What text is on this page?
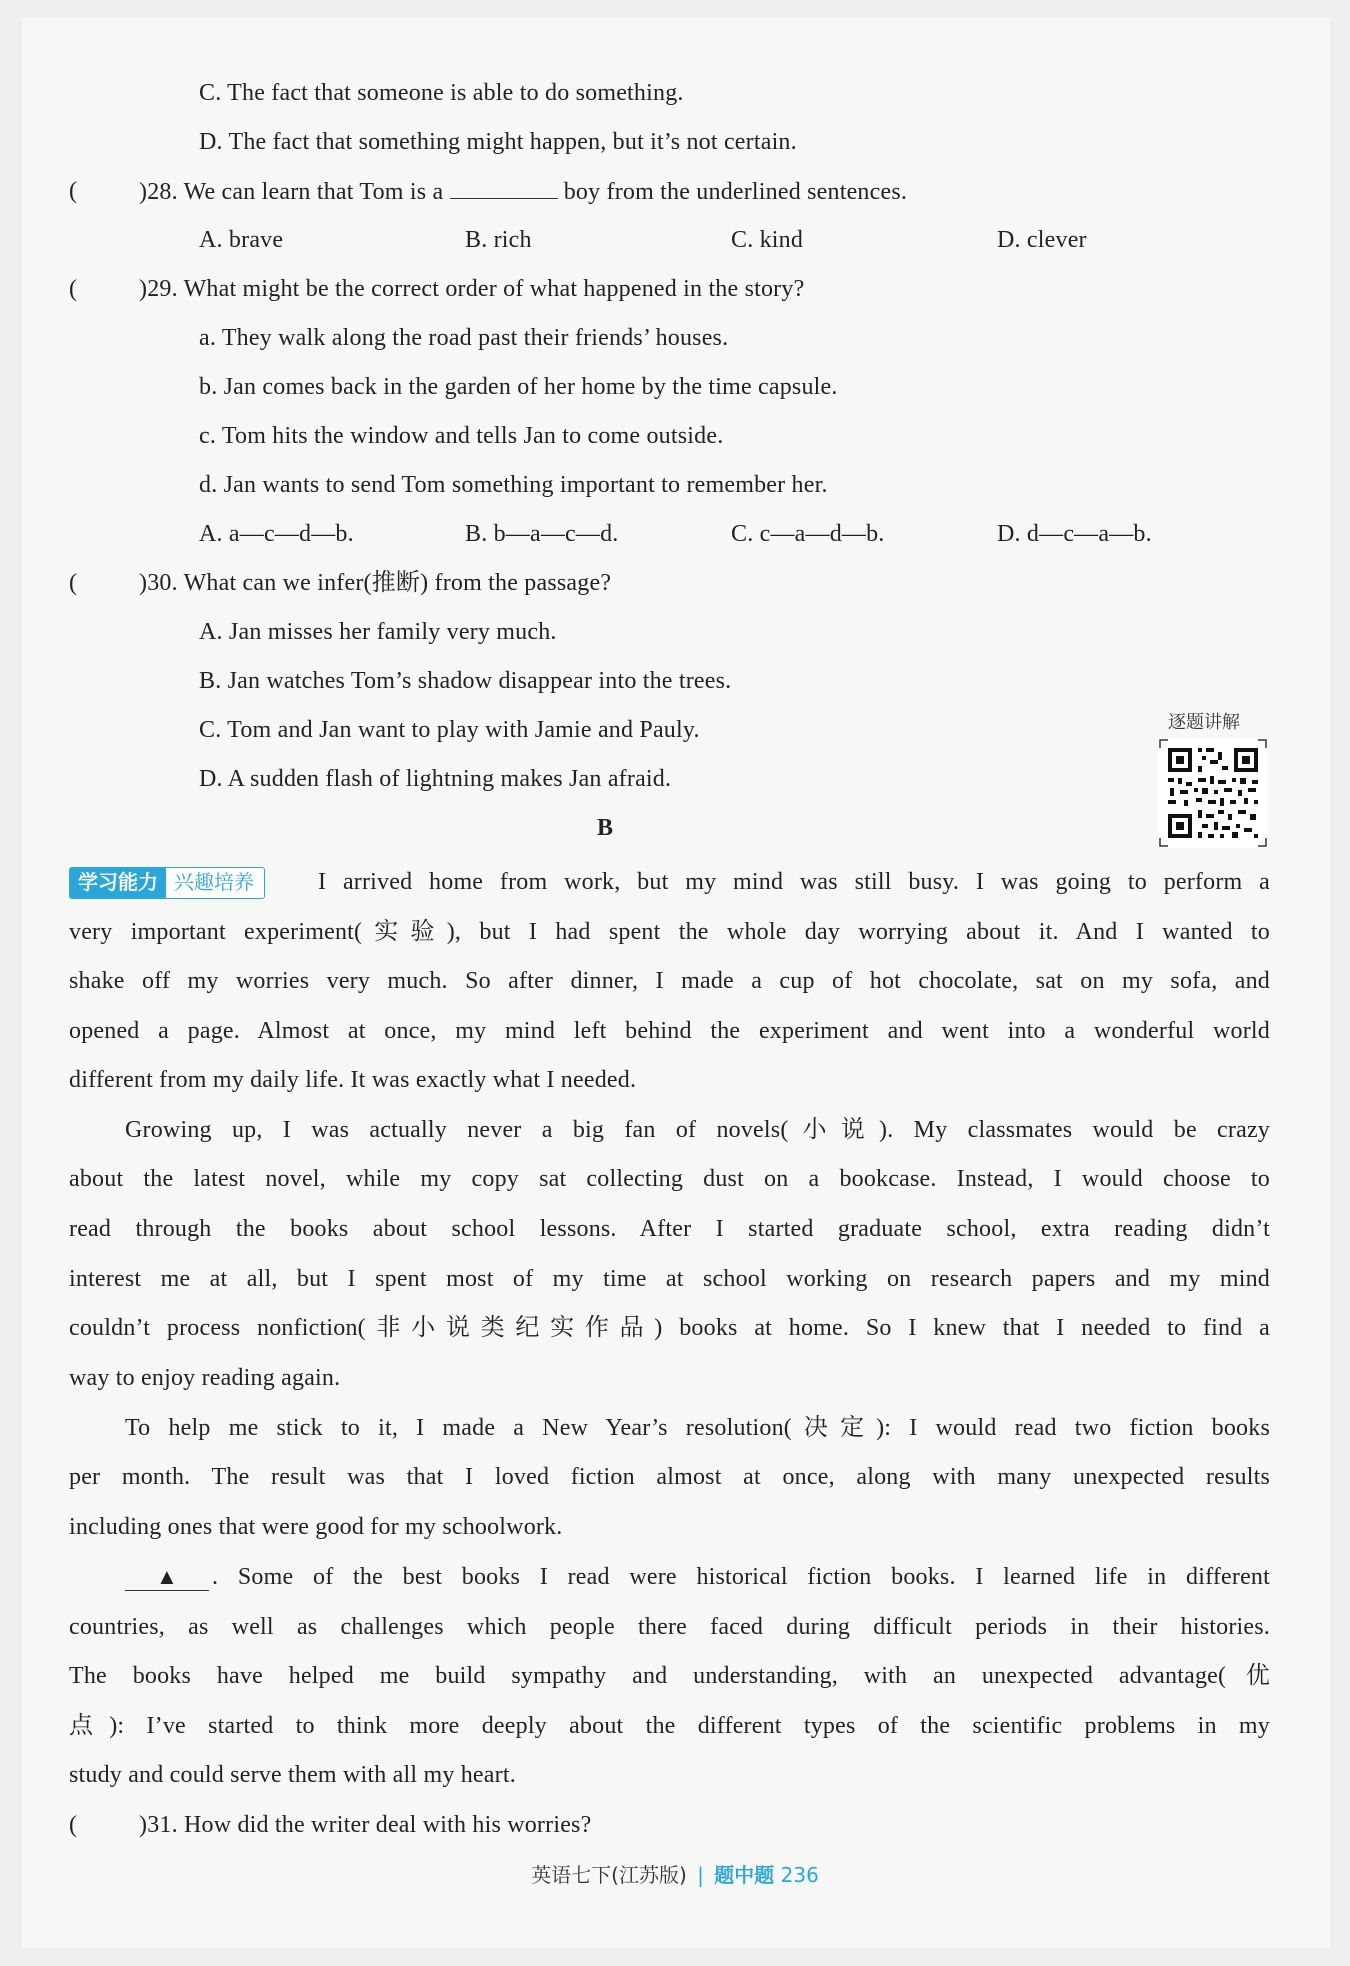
C. The fact that someone is able to do something.
D. The fact that something might happen, but it’s not certain.
(	)28. We can learn that Tom is a	boy from the underlined sentences.
A. brave	B. rich	C. kind	D. clever
(	)29. What might be the correct order of what happened in the story?
a. They walk along the road past their friends’ houses.
b. Jan comes back in the garden of her home by the time capsule.
c. Tom hits the window and tells Jan to come outside.
d. Jan wants to send Tom something important to remember her.
A. a—c—d—b.	B. b—a—c—d.	C. c—a—d—b.	D. d—c—a—b.
(	)30. What can we infer(推断) from the passage?
A. Jan misses her family very much.
B. Jan watches Tom’s shadow disappear into the trees.
C. Tom and Jan want to play with Jamie and Pauly.
D. A sudden flash of lightning makes Jan afraid.
逐题讲解
B
学习能力 兴趣培养	I arrived home from work, but my mind was still busy. I was going to perform a
very important experiment(实验), but I had spent the whole day worrying about it. And I wanted to
shake off my worries very much. So after dinner, I made a cup of hot chocolate, sat on my sofa, and
opened a page. Almost at once, my mind left behind the experiment and went into a wonderful world
different from my daily life. It was exactly what I needed.
Growing up, I was actually never a big fan of novels(小说). My classmates would be crazy
about the latest novel, while my copy sat collecting dust on a bookcase. Instead, I would choose to
read through the books about school lessons. After I started graduate school, extra reading didn’t
interest me at all, but I spent most of my time at school working on research papers and my mind
couldn’t process nonfiction(非小说类纪实作品) books at home. So I knew that I needed to find a
way to enjoy reading again.
To help me stick to it, I made a New Year’s resolution(决定): I would read two fiction books
per month. The result was that I loved fiction almost at once, along with many unexpected results
including ones that were good for my schoolwork.
▲	. Some of the best books I read were historical fiction books. I learned life in different
countries, as well as challenges which people there faced during difficult periods in their histories.
The books have helped me build sympathy and understanding, with an unexpected advantage(优
点): I’ve started to think more deeply about the different types of the scientific problems in my
study and could serve them with all my heart.
(	)31. How did the writer deal with his worries?
英语七下(江苏版) | 题中题 236
